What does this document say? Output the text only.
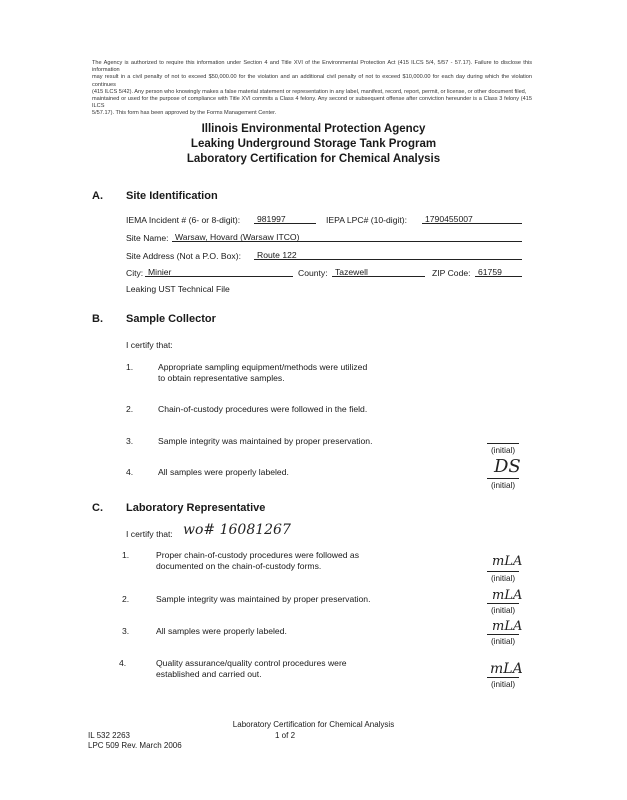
The Agency is authorized to require this information under Section 4 and Title XVI of the Environmental Protection Act (415 ILCS 5/4, 5/57 - 57.17). Failure to disclose this information
may result in a civil penalty of not to exceed $50,000.00 for the violation and an additional civil penalty of not to exceed $10,000.00 for each day during which the violation continues
(415 ILCS 5/42). Any person who knowingly makes a false material statement or representation in any label, manifest, record, report, permit, or license, or other document filed,
maintained or used for the purpose of compliance with Title XVI commits a Class 4 felony. Any second or subsequent offense after conviction hereunder is a Class 3 felony (415 ILCS
5/57.17). This form has been approved by the Forms Management Center.
Illinois Environmental Protection Agency
Leaking Underground Storage Tank Program
Laboratory Certification for Chemical Analysis
A. Site Identification
IEMA Incident # (6- or 8-digit):	981997	IEPA LPC# (10-digit):	1790455007
Site Name: Warsaw, Hovard (Warsaw ITCO)
Site Address (Not a P.O. Box):	Route 122
City: Minier	County: Tazewell	ZIP Code: 61759
Leaking UST Technical File
B. Sample Collector
I certify that:
1.	Appropriate sampling equipment/methods were utilized
to obtain representative samples.
2.	Chain-of-custody procedures were followed in the field.
3.	Sample integrity was maintained by proper preservation.
(initial)
4.	All samples were properly labeled.	DS
(initial)
C. Laboratory Representative
I certify that: wo# 16081267
1.	Proper chain-of-custody procedures were followed as
documented on the chain-of-custody forms.	mLA
(initial)
2.	Sample integrity was maintained by proper preservation.	mLA
(initial)
3.	All samples were properly labeled.	mLA
(initial)
4.	Quality assurance/quality control procedures were
established and carried out.	mLA
(initial)
Laboratory Certification for Chemical Analysis
IL 532 2263	1 of 2
LPC 509 Rev. March 2006
